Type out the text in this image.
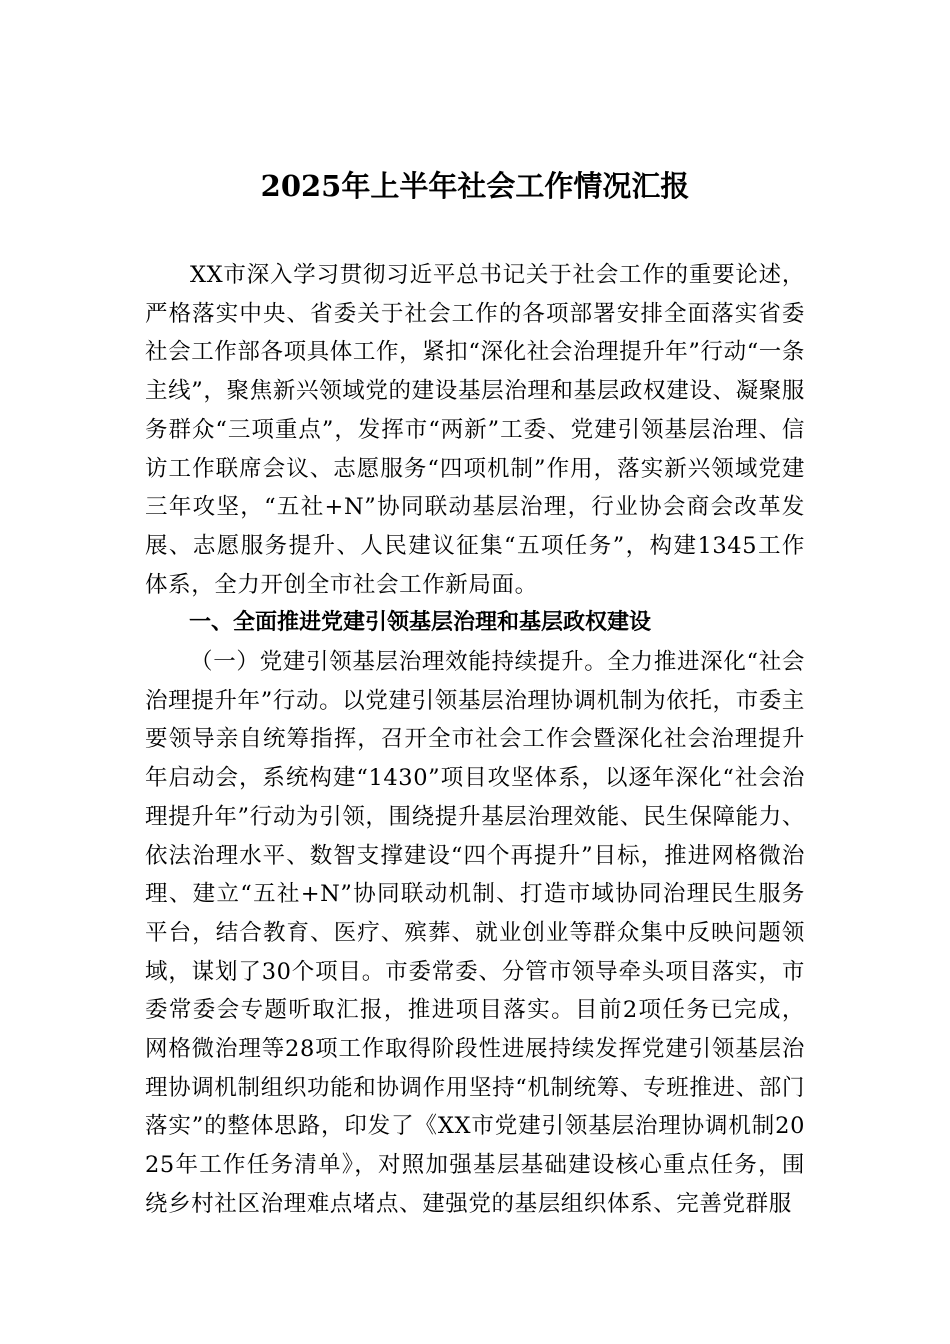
2025年上半年社会工作情况汇报

XX市深入学习贯彻习近平总书记关于社会工作的重要论述，严格落实中央、省委关于社会工作的各项部署安排全面落实省委社会工作部各项具体工作，紧扣“深化社会治理提升年”行动“一条主线”，聚焦新兴领域党的建设基层治理和基层政权建设、凝聚服务群众“三项重点”，发挥市“两新”工委、党建引领基层治理、信访工作联席会议、志愿服务“四项机制”作用，落实新兴领域党建三年攻坚，“五社+N”协同联动基层治理，行业协会商会改革发展、志愿服务提升、人民建议征集“五项任务”，构建1345工作体系，全力开创全市社会工作新局面。

一、全面推进党建引领基层治理和基层政权建设

（一）党建引领基层治理效能持续提升。全力推进深化“社会治理提升年”行动。以党建引领基层治理协调机制为依托，市委主要领导亲自统筹指挥，召开全市社会工作会暨深化社会治理提升年启动会，系统构建“1430”项目攻坚体系，以逐年深化“社会治理提升年”行动为引领，围绕提升基层治理效能、民生保障能力、依法治理水平、数智支撑建设“四个再提升”目标，推进网格微治理、建立“五社+N”协同联动机制、打造市域协同治理民生服务平台，结合教育、医疗、殡葬、就业创业等群众集中反映问题领域，谋划了30个项目。市委常委、分管市领导牵头项目落实，市委常委会专题听取汇报，推进项目落实。目前2项任务已完成，网格微治理等28项工作取得阶段性进展持续发挥党建引领基层治理协调机制组织功能和协调作用坚持“机制统筹、专班推进、部门落实”的整体思路，印发了《XX市党建引领基层治理协调机制2025年工作任务清单》，对照加强基层基础建设核心重点任务，围绕乡村社区治理难点堵点、建强党的基层组织体系、完善党群服
